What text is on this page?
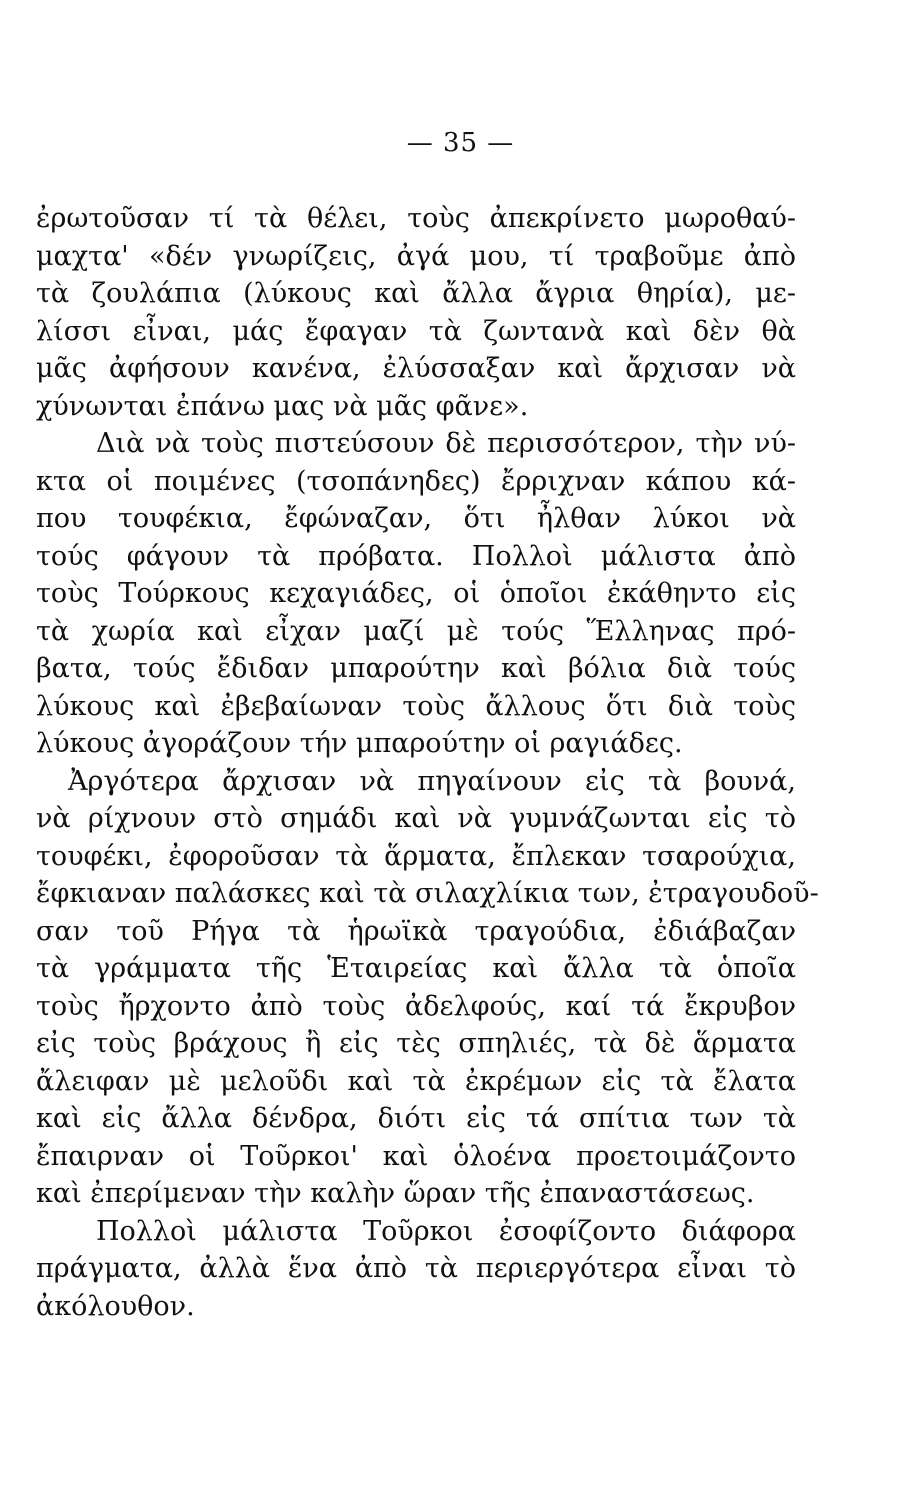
— 35 —
ἐρωτοῦσαν τί τὰ θέλει, τοὺς ἀπεκρίνετο μωροθαύ-
μαχτα' «δέν γνωρίζεις, ἀγά μου, τί τραβοῦμε ἀπὸ
τὰ ζουλάπια (λύκους καὶ ἄλλα ἄγρια θηρία), με-
λίσσι εἶναι, μάς ἔφαγαν τὰ ζωντανὰ καὶ δὲν θὰ
μᾶς ἀφήσουν κανένα, ἐλύσσαξαν καὶ ἄρχισαν νὰ
χύνωνται ἐπάνω μας νὰ μᾶς φᾶνε».
Διὰ νὰ τοὺς πιστεύσουν δὲ περισσότερον, τὴν νύ-
κτα οἱ ποιμένες (τσοπάνηδες) ἔρριχναν κάπου κά-
που τουφέκια, ἔφώναζαν, ὅτι ἦλθαν λύκοι νὰ
τούς φάγουν τὰ πρόβατα. Πολλοὶ μάλιστα ἀπὸ
τοὺς Τούρκους κεχαγιάδες, οἱ ὁποῖοι ἐκάθηντο εἰς
τὰ χωρία καὶ εἶχαν μαζί μὲ τούς Ἕλληνας πρό-
βατα, τούς ἔδιδαν μπαρούτην καὶ βόλια διὰ τούς
λύκους καὶ ἐβεβαίωναν τοὺς ἄλλους ὅτι διὰ τοὺς
λύκους ἀγοράζουν τήν μπαρούτην οἱ ραγιάδες.
Ἀργότερα ἄρχισαν νὰ πηγαίνουν εἰς τὰ βουνά,
νὰ ρίχνουν στὸ σημάδι καὶ νὰ γυμνάζωνται εἰς τὸ
τουφέκι, ἐφοροῦσαν τὰ ἅρματα, ἔπλεκαν τσαρούχια,
ἔφκιαναν παλάσκες καὶ τὰ σιλαχλίκια των, ἐτραγουδοῦ-
σαν τοῦ Ρήγα τὰ ἡρωϊκὰ τραγούδια, ἐδιάβαζαν
τὰ γράμματα τῆς Ἑταιρείας καὶ ἄλλα τὰ ὁποῖα
τοὺς ἤρχοντο ἀπὸ τοὺς ἀδελφούς, καί τά ἔκρυβον
εἰς τοὺς βράχους ἢ εἰς τὲς σπηλιές, τὰ δὲ ἅρματα
ἄλειφαν μὲ μελοῦδι καὶ τὰ ἐκρέμων εἰς τὰ ἔλατα
καὶ εἰς ἄλλα δένδρα, διότι εἰς τά σπίτια των τὰ
ἔπαιρναν οἱ Τοῦρκοι' καὶ ὁλοένα προετοιμάζοντο
καὶ ἐπερίμεναν τὴν καλὴν ὥραν τῆς ἐπαναστάσεως.
Πολλοὶ μάλιστα Τοῦρκοι ἐσοφίζοντο διάφορα
πράγματα, ἀλλὰ ἕνα ἀπὸ τὰ περιεργότερα εἶναι τὸ
ἀκόλουθον.
